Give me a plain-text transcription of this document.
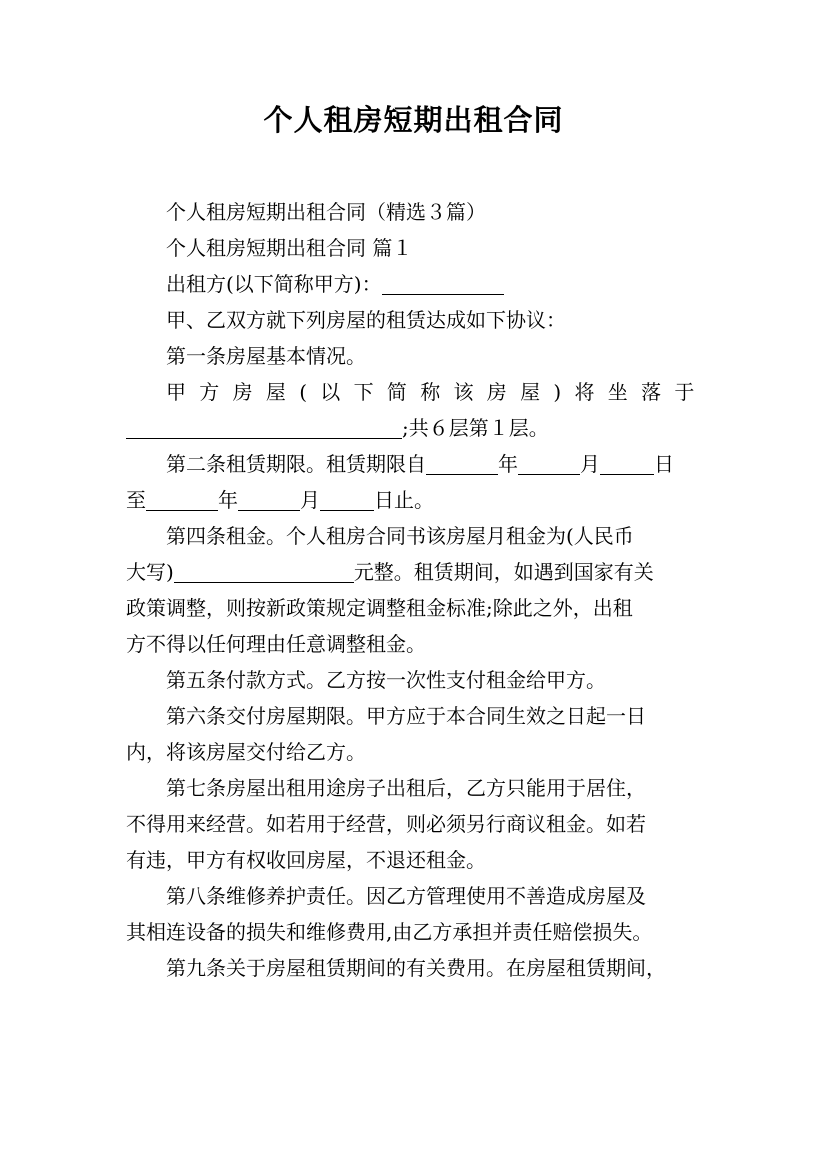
个人租房短期出租合同

个人租房短期出租合同（精选３篇）

个人租房短期出租合同 篇１

出租方(以下简称甲方)：

甲、乙双方就下列房屋的租赁达成如下协议：

第一条房屋基本情况。

甲方房屋(以下简称该房屋)将坐落于
;共６层第１层。
第二条租赁期限。租赁期限自	年	月	日
至	年	月	日止。
第四条租金。个人租房合同书该房屋月租金为(人民币
大写)	元整。租赁期间，如遇到国家有关
政策调整，则按新政策规定调整租金标准;除此之外，出租
方不得以任何理由任意调整租金。
第五条付款方式。乙方按一次性支付租金给甲方。
第六条交付房屋期限。甲方应于本合同生效之日起一日
内，将该房屋交付给乙方。
第七条房屋出租用途房子出租后，乙方只能用于居住，
不得用来经营。如若用于经营，则必须另行商议租金。如若
有违，甲方有权收回房屋，不退还租金。
第八条维修养护责任。因乙方管理使用不善造成房屋及
其相连设备的损失和维修费用,由乙方承担并责任赔偿损失。
第九条关于房屋租赁期间的有关费用。在房屋租赁期间，
